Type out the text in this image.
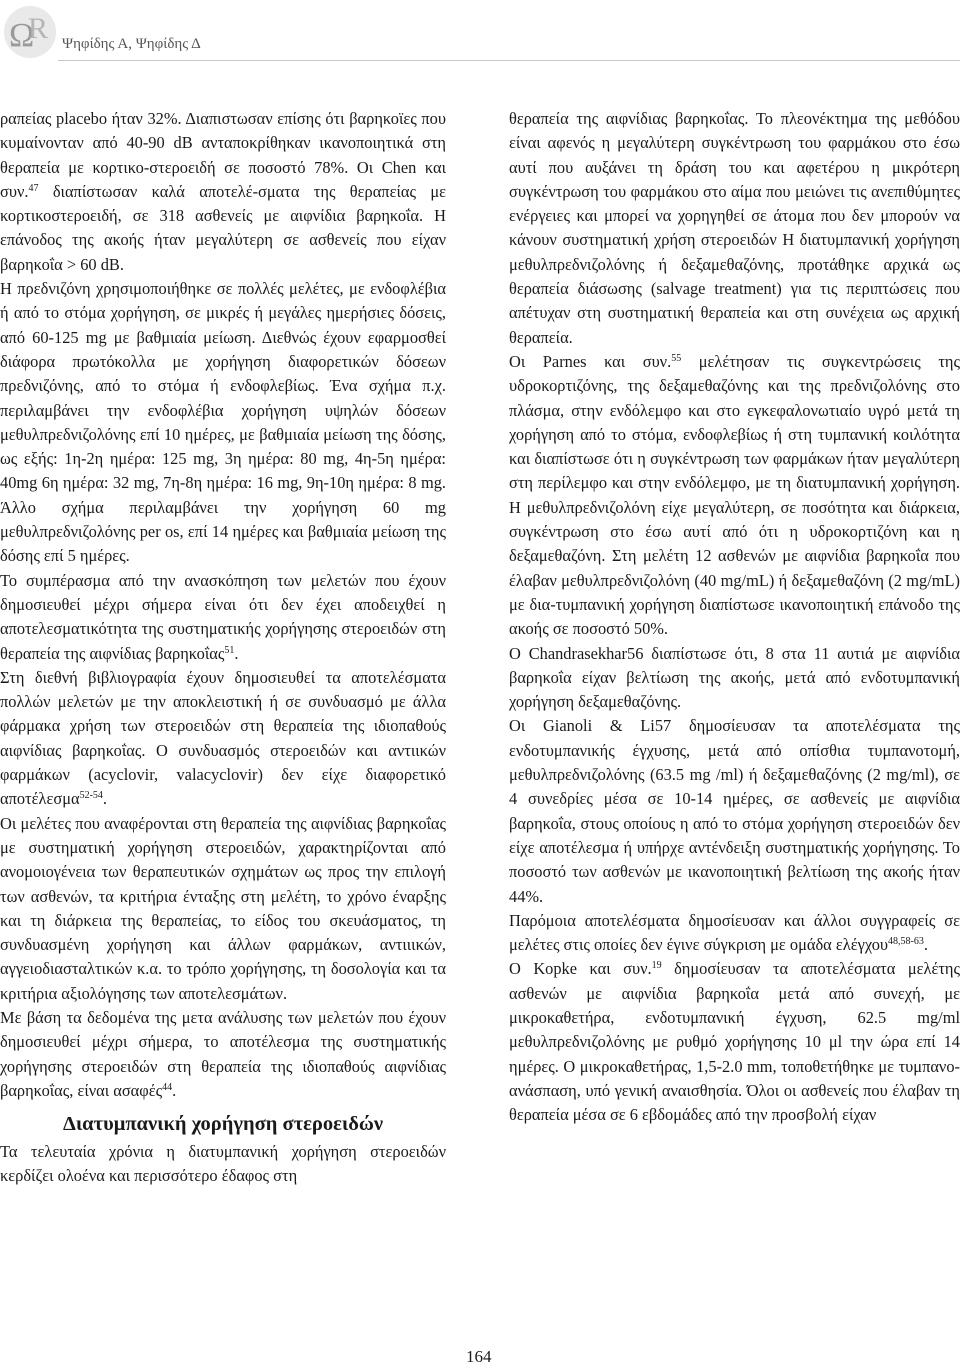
Ω
R Ψηφίδης Α, Ψηφίδης Δ

ραπείας placebo ήταν 32%. Διαπιστωσαν επίσης ότι βαρηκοϊες που κυμαίνονταν από 40-90 dB ανταποκρίθηκαν ικανοποιητικά στη θεραπεία με κορτικο-στεροειδή σε ποσοστό 78%. Οι Chen και συν.$^{47}$ διαπίστωσαν καλά αποτελέ-σματα της θεραπείας με κορτικοστεροειδή, σε 318 ασθενείς με αιφνίδια βαρηκοΐα. Η επάνοδος της ακοής ήταν μεγαλύτερη σε ασθενείς που είχαν βαρηκοΐα > 60 dB.

Η πρεδνιζόνη χρησιμοποιήθηκε σε πολλές μελέτες, με ενδοφλέβια ή από το στόμα χορήγηση, σε μικρές ή μεγάλες ημερήσιες δόσεις, από 60-125 mg με βαθμιαία μείωση. Διεθνώς έχουν εφαρμοσθεί διάφορα πρωτόκολλα με χορήγηση διαφορετικών δόσεων πρεδνιζόνης, από το στόμα ή ενδοφλεβίως. Ένα σχήμα π.χ. περιλαμβάνει την ενδοφλέβια χορήγηση υψηλών δόσεων μεθυλπρεδνιζολόνης επί 10 ημέρες, με βαθμιαία μείωση της δόσης, ως εξής: 1η-2η ημέρα: 125 mg, 3η ημέρα: 80 mg, 4η-5η ημέρα: 40mg 6η ημέρα: 32 mg, 7η-8η ημέρα: 16 mg, 9η-10η ημέρα: 8 mg. Άλλο σχήμα περιλαμβάνει την χορήγηση 60 mg μεθυλπρεδνιζολόνης per os, επί 14 ημέρες και βαθμιαία μείωση της δόσης επί 5 ημέρες.

Το συμπέρασμα από την ανασκόπηση των μελετών που έχουν δημοσιευθεί μέχρι σήμερα είναι ότι δεν έχει αποδειχθεί η αποτελεσματικότητα της συστηματικής χορήγησης στεροειδών στη θεραπεία της αιφνίδιας βαρηκοΐας$^{51}$.

Στη διεθνή βιβλιογραφία έχουν δημοσιευθεί τα αποτελέσματα πολλών μελετών με την αποκλειστική ή σε συνδυασμό με άλλα φάρμακα χρήση των στεροειδών στη θεραπεία της ιδιοπαθούς αιφνίδιας βαρηκοΐας. Ο συνδυασμός στεροειδών και αντιικών φαρμάκων (acyclovir, valacyclovir) δεν είχε διαφορετικό αποτέλεσμα$^{52-54}$.

Οι μελέτες που αναφέρονται στη θεραπεία της αιφνίδιας βαρηκοΐας με συστηματική χορήγηση στεροειδών, χαρακτηρίζονται από ανομοιογένεια των θεραπευτικών σχημάτων ως προς την επιλογή των ασθενών, τα κριτήρια ένταξης στη μελέτη, το χρόνο έναρξης και τη διάρκεια της θεραπείας, το είδος του σκευάσματος, τη συνδυασμένη χορήγηση και άλλων φαρμάκων, αντιιικών, αγγειοδιασταλτικών κ.α. το τρόπο χορήγησης, τη δοσολογία και τα κριτήρια αξιολόγησης των αποτελεσμάτων.

Με βάση τα δεδομένα της μετα ανάλυσης των μελετών που έχουν δημοσιευθεί μέχρι σήμερα, το αποτέλεσμα της συστηματικής χορήγησης στεροειδών στη θεραπεία της ιδιοπαθούς αιφνίδιας βαρηκοΐας, είναι ασαφές$^{44}$.

Διατυμπανική χορήγηση στεροειδών

Τα τελευταία χρόνια η διατυμπανική χορήγηση στεροειδών κερδίζει ολοένα και περισσότερο έδαφος στη

θεραπεία της αιφνίδιας βαρηκοΐας. Το πλεονέκτημα της μεθόδου είναι αφενός η μεγαλύτερη συγκέντρωση του φαρμάκου στο έσω αυτί που αυξάνει τη δράση του και αφετέρου η μικρότερη συγκέντρωση του φαρμάκου στο αίμα που μειώνει τις ανεπιθύμητες ενέργειες και μπορεί να χορηγηθεί σε άτομα που δεν μπορούν να κάνουν συστηματική χρήση στεροειδών Η διατυμπανική χορήγηση μεθυλπρεδνιζολόνης ή δεξαμεθαζόνης, προτάθηκε αρχικά ως θεραπεία διάσωσης (salvage treatment) για τις περιπτώσεις που απέτυχαν στη συστηματική θεραπεία και στη συνέχεια ως αρχική θεραπεία.

Οι Parnes και συν.$^{55}$ μελέτησαν τις συγκεντρώσεις της υδροκορτιζόνης, της δεξαμεθαζόνης και της πρεδνιζολόνης στο πλάσμα, στην ενδόλεμφο και στο εγκεφαλονωτιαίο υγρό μετά τη χορήγηση από το στόμα, ενδοφλεβίως ή στη τυμπανική κοιλότητα και διαπίστωσε ότι η συγκέντρωση των φαρμάκων ήταν μεγαλύτερη στη περίλεμφο και στην ενδόλεμφο, με τη διατυμπανική χορήγηση. Η μεθυλπρεδνιζολόνη είχε μεγαλύτερη, σε ποσότητα και διάρκεια, συγκέντρωση στο έσω αυτί από ότι η υδροκορτιζόνη και η δεξαμεθαζόνη. Στη μελέτη 12 ασθενών με αιφνίδια βαρηκοΐα που έλαβαν μεθυλπρεδνιζολόνη (40 mg/mL) ή δεξαμεθαζόνη (2 mg/mL) με δια-τυμπανική χορήγηση διαπίστωσε ικανοποιητική επάνοδο της ακοής σε ποσοστό 50%.

Ο Chandrasekhar56 διαπίστωσε ότι, 8 στα 11 αυτιά με αιφνίδια βαρηκοΐα είχαν βελτίωση της ακοής, μετά από ενδοτυμπανική χορήγηση δεξαμεθαζόνης.

Οι Gianoli & Li57 δημοσίευσαν τα αποτελέσματα της ενδοτυμπανικής έγχυσης, μετά από οπίσθια τυμπανοτομή, μεθυλπρεδνιζολόνης (63.5 mg /ml) ή δεξαμεθαζόνης (2 mg/ml), σε 4 συνεδρίες μέσα σε 10-14 ημέρες, σε ασθενείς με αιφνίδια βαρηκοΐα, στους οποίους η από το στόμα χορήγηση στεροειδών δεν είχε αποτέλεσμα ή υπήρχε αντένδειξη συστηματικής χορήγησης. Το ποσοστό των ασθενών με ικανοποιητική βελτίωση της ακοής ήταν 44%.

Παρόμοια αποτελέσματα δημοσίευσαν και άλλοι συγγραφείς σε μελέτες στις οποίες δεν έγινε σύγκριση με ομάδα ελέγχου$^{48,58-63}$.

Ο Kopke και συν.$^{19}$ δημοσίευσαν τα αποτελέσματα μελέτης ασθενών με αιφνίδια βαρηκοΐα μετά από συνεχή, με μικροκαθετήρα, ενδοτυμπανική έγχυση, 62.5 mg/ml μεθυλπρεδνιζολόνης με ρυθμό χορήγησης 10 μl την ώρα επί 14 ημέρες. Ο μικροκαθετήρας, 1,5-2.0 mm, τοποθετήθηκε με τυμπανο-ανάσπαση, υπό γενική αναισθησία. Όλοι οι ασθενείς που έλαβαν τη θεραπεία μέσα σε 6 εβδομάδες από την προσβολή είχαν

164
